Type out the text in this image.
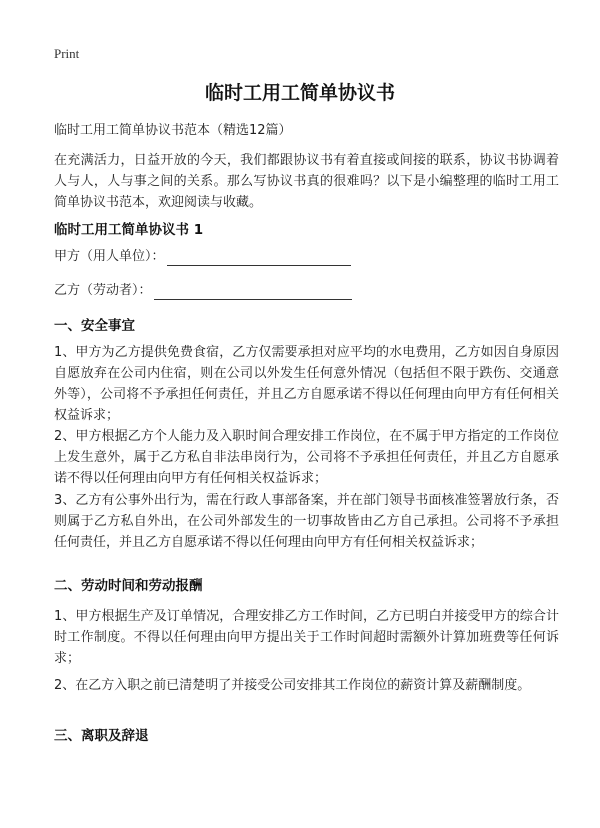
Print
临时工用工简单协议书
临时工用工简单协议书范本（精选12篇）

在充满活力，日益开放的今天，我们都跟协议书有着直接或间接的联系，协议书协调着人与人，人与事之间的关系。那么写协议书真的很难吗？以下是小编整理的临时工用工简单协议书范本，欢迎阅读与收藏。

临时工用工简单协议书 1
甲方（用人单位）：
乙方（劳动者）：
一、安全事宜

1、甲方为乙方提供免费食宿，乙方仅需要承担对应平均的水电费用，乙方如因自身原因自愿放弃在公司内住宿，则在公司以外发生任何意外情况（包括但不限于跌伤、交通意外等），公司将不予承担任何责任，并且乙方自愿承诺不得以任何理由向甲方有任何相关权益诉求；

2、甲方根据乙方个人能力及入职时间合理安排工作岗位，在不属于甲方指定的工作岗位上发生意外，属于乙方私自非法串岗行为，公司将不予承担任何责任，并且乙方自愿承诺不得以任何理由向甲方有任何相关权益诉求；

3、乙方有公事外出行为，需在行政人事部备案，并在部门领导书面核准签署放行条，否则属于乙方私自外出，在公司外部发生的一切事故皆由乙方自己承担。公司将不予承担任何责任，并且乙方自愿承诺不得以任何理由向甲方有任何相关权益诉求；

二、劳动时间和劳动报酬

1、甲方根据生产及订单情况，合理安排乙方工作时间，乙方已明白并接受甲方的综合计时工作制度。不得以任何理由向甲方提出关于工作时间超时需额外计算加班费等任何诉求；

2、在乙方入职之前已清楚明了并接受公司安排其工作岗位的薪资计算及薪酬制度。

三、离职及辞退
